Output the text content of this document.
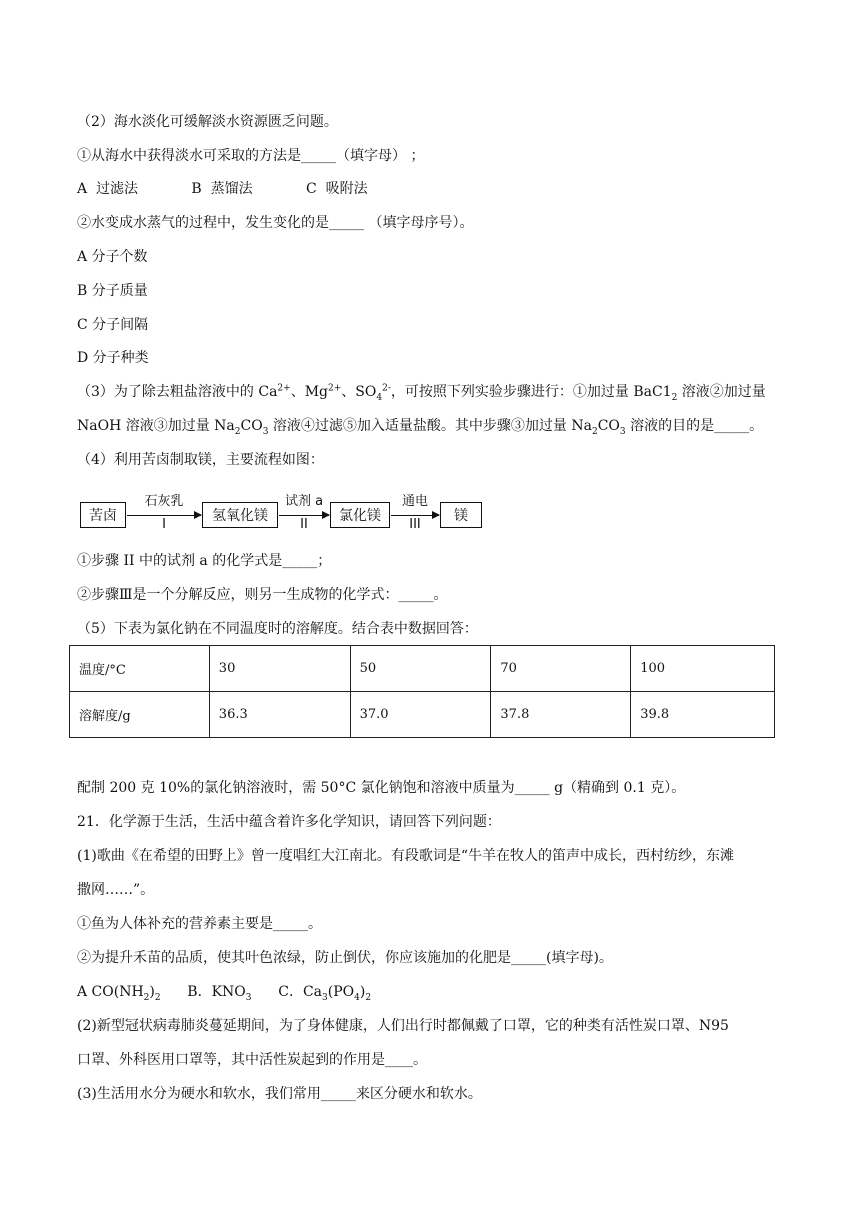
（2）海水淡化可缓解淡水资源匮乏问题。
①从海水中获得淡水可采取的方法是_____（填字母） ；
A  过滤法            B  蒸馏法            C  吸附法
②水变成水蒸气的过程中，发生变化的是_____ （填字母序号）。
A 分子个数
B 分子质量
C 分子间隔
D 分子种类
（3）为了除去粗盐溶液中的 $Ca^{2+}$、$Mg^{2+}$、$SO_4^{2-}$，可按照下列实验步骤进行：①加过量 $BaC1_2$ 溶液②加过量
NaOH 溶液③加过量 $Na_2CO_3$ 溶液④过滤⑤加入适量盐酸。其中步骤③加过量 $Na_2CO_3$ 溶液的目的是_____。
（4）利用苦卤制取镁，主要流程如图：
苦卤
石灰乳
I
氢氧化镁
试剂 a
II
氯化镁
通电
III
镁
①步骤 II 中的试剂 a 的化学式是_____；
②步骤Ⅲ是一个分解反应，则另一生成物的化学式：_____。
（5）下表为氯化钠在不同温度时的溶解度。结合表中数据回答：
温度/°C	30	50	70	100
溶解度/g	36.3	37.0	37.8	39.8
配制 200 克 10%的氯化钠溶液时，需 50°C 氯化钠饱和溶液中质量为_____ g（精确到 0.1 克）。
21．化学源于生活，生活中蕴含着许多化学知识，请回答下列问题：
(1)歌曲《在希望的田野上》曾一度唱红大江南北。有段歌词是“牛羊在牧人的笛声中成长，西村纺纱，东滩
撒网……”。
①鱼为人体补充的营养素主要是_____。
②为提升禾苗的品质，使其叶色浓绿，防止倒伏，你应该施加的化肥是_____(填字母)。
A $CO(NH_2)_2$      B．$KNO_3$      C．$Ca_3(PO_4)_2$
(2)新型冠状病毒肺炎蔓延期间，为了身体健康，人们出行时都佩戴了口罩，它的种类有活性炭口罩、N95
口罩、外科医用口罩等，其中活性炭起到的作用是____。
(3)生活用水分为硬水和软水，我们常用_____来区分硬水和软水。
